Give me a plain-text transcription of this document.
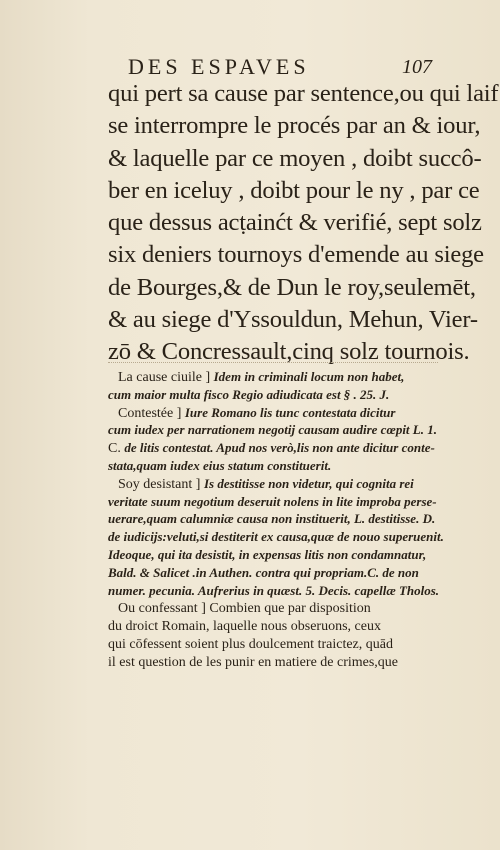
DES ESPAVES	107
qui pert sa cause par sentence,ou qui laif
se interrompre le procés par an & iour,
& laquelle par ce moyen , doibt succô-
ber en iceluy , doibt pour le ny , par ce
que dessus acṭainćt & verifié, sept solz
six deniers tournoys d'emende au siege
de Bourges,& de Dun le roy,seulemēt,
& au siege d'Yssouldun, Mehun, Vier-
zō & Concressault,cinq solz tournois.
La cause ciuile ] Idem in criminali locum non habet,
cum maior multa fisco Regio adiudicata est § . 25. J.
Contestée ] Iure Romano lis tunc contestata dicitur
cum iudex per narrationem negotij causam audire cœpit L. 1.
C. de litis contestat. Apud nos verò,lis non ante dicitur conte-
stata,quam iudex eius statum constituerit.
Soy desistant ] Is destitisse non videtur, qui cognita rei
veritate suum negotium deseruit nolens in lite improba perse-
uerare,quam calumniæ causa non instituerit, L. destitisse. D.
de iudicijs:veluti,si destiterit ex causa,quæ de nouo superuenit.
Ideoque, qui ita desistit, in expensas litis non condamnatur,
Bald. & Salicet .in Authen. contra qui propriam.C. de non
numer. pecunia. Aufrerius in quæst. 5. Decis. capellæ Tholos.
Ou confessant ] Combien que par disposition
du droict Romain, laquelle nous obseruons, ceux
qui cōfessent soient plus doulcement traictez, quād
il est question de les punir en matiere de crimes,que
